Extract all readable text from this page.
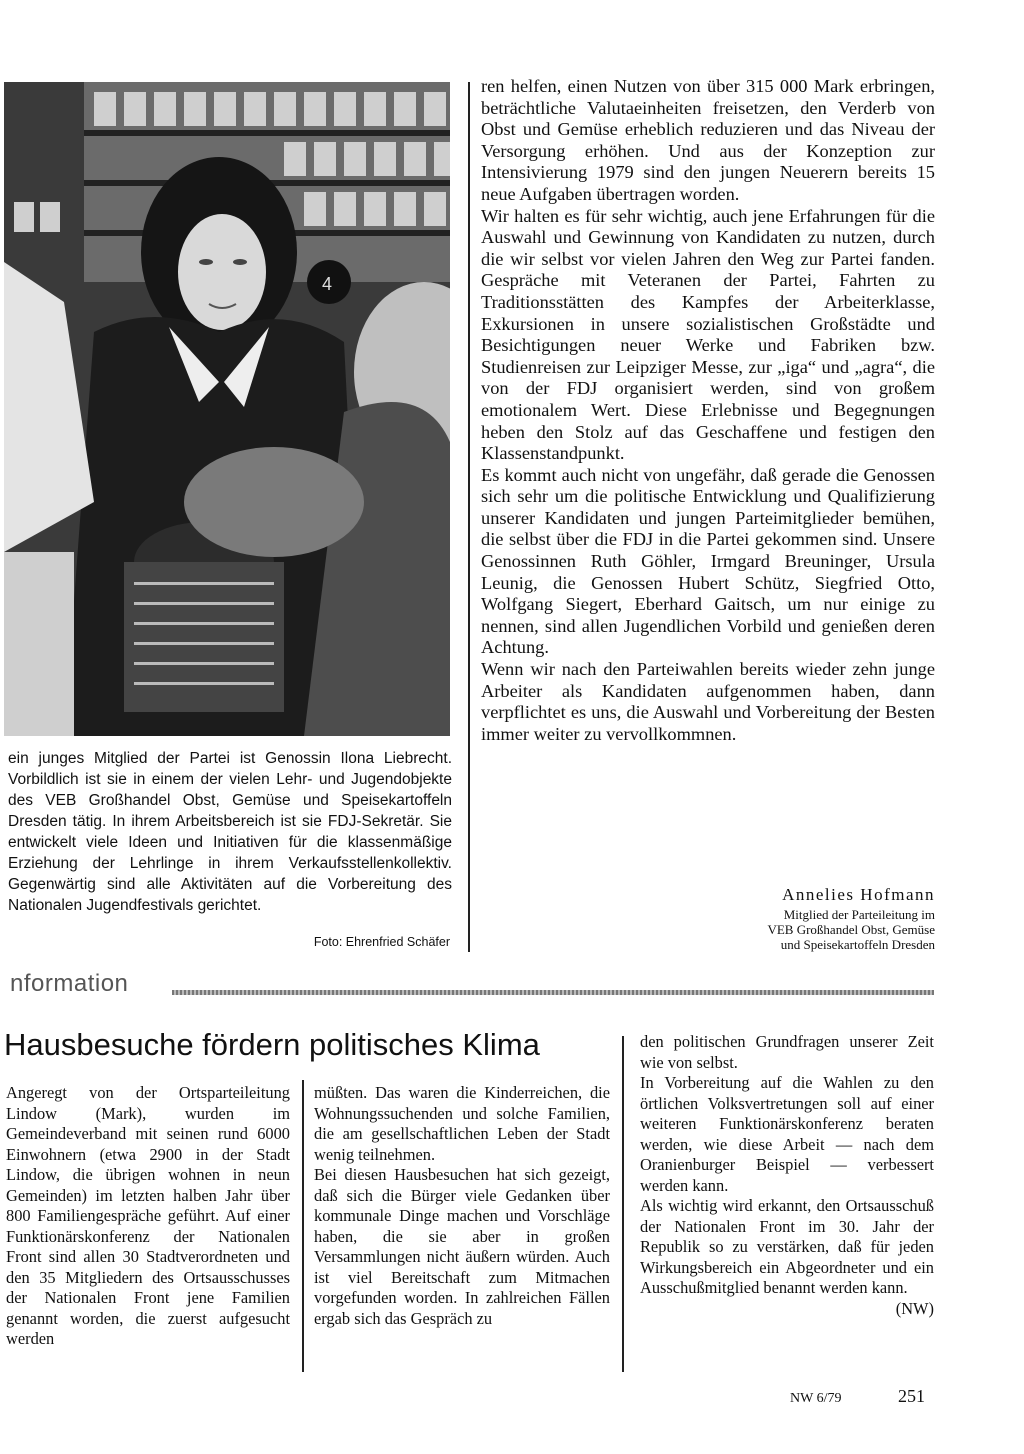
4
ein junges Mitglied der Partei ist Genossin Ilona Liebrecht. Vorbildlich ist sie in einem der vielen Lehr- und Jugendobjekte des VEB Großhandel Obst, Gemüse und Speisekartoffeln Dresden tätig. In ihrem Arbeitsbereich ist sie FDJ-Sekretär. Sie entwickelt viele Ideen und Initiativen für die klassenmäßige Erziehung der Lehrlinge in ihrem Verkaufsstellenkollektiv. Gegenwärtig sind alle Aktivitäten auf die Vorbereitung des Nationalen Jugendfestivals gerichtet.
Foto: Ehrenfried Schäfer

ren helfen, einen Nutzen von über 315 000 Mark erbringen, beträchtliche Valutaeinheiten freisetzen, den Verderb von Obst und Gemüse erheblich reduzieren und das Niveau der Versorgung erhöhen. Und aus der Konzeption zur Intensivierung 1979 sind den jungen Neuerern bereits 15 neue Aufgaben übertragen worden.

Wir halten es für sehr wichtig, auch jene Erfahrungen für die Auswahl und Gewinnung von Kandidaten zu nutzen, durch die wir selbst vor vielen Jahren den Weg zur Partei fanden. Gespräche mit Veteranen der Partei, Fahrten zu Traditionsstätten des Kampfes der Arbeiterklasse, Exkursionen in unsere sozialistischen Großstädte und Besichtigungen neuer Werke und Fabriken bzw. Studienreisen zur Leipziger Messe, zur „iga“ und „agra“, die von der FDJ organisiert werden, sind von großem emotionalem Wert. Diese Erlebnisse und Begegnungen heben den Stolz auf das Geschaffene und festigen den Klassenstandpunkt.

Es kommt auch nicht von ungefähr, daß gerade die Genossen sich sehr um die politische Entwicklung und Qualifizierung unserer Kandidaten und jungen Parteimitglieder bemühen, die selbst über die FDJ in die Partei gekommen sind. Unsere Genossinnen Ruth Göhler, Irmgard Breuninger, Ursula Leunig, die Genossen Hubert Schütz, Siegfried Otto, Wolfgang Siegert, Eberhard Gaitsch, um nur einige zu nennen, sind allen Jugendlichen Vorbild und genießen deren Achtung.

Wenn wir nach den Parteiwahlen bereits wieder zehn junge Arbeiter als Kandidaten aufgenommen haben, dann verpflichtet es uns, die Auswahl und Vorbereitung der Besten immer weiter zu vervollkommnen.

Annelies Hofmann
Mitglied der Parteileitung im
VEB Großhandel Obst, Gemüse
und Speisekartoffeln Dresden
nformation
Hausbesuche fördern politisches Klima

Angeregt von der Ortsparteileitung Lindow (Mark), wurden im Gemeindeverband mit seinen rund 6000 Einwohnern (etwa 2900 in der Stadt Lindow, die übrigen wohnen in neun Gemeinden) im letzten halben Jahr über 800 Familiengespräche geführt. Auf einer Funktionärskonferenz der Nationalen Front sind allen 30 Stadtverordneten und den 35 Mitgliedern des Ortsausschusses der Nationalen Front jene Familien genannt worden, die zuerst aufgesucht werden

müßten. Das waren die Kinderreichen, die Wohnungssuchenden und solche Familien, die am gesellschaftlichen Leben der Stadt wenig teilnehmen.

Bei diesen Hausbesuchen hat sich gezeigt, daß sich die Bürger viele Gedanken über kommunale Dinge machen und Vorschläge haben, die sie aber in großen Versammlungen nicht äußern würden. Auch ist viel Bereitschaft zum Mitmachen vorgefunden worden. In zahlreichen Fällen ergab sich das Gespräch zu

den politischen Grundfragen unserer Zeit wie von selbst.

In Vorbereitung auf die Wahlen zu den örtlichen Volksvertretungen soll auf einer weiteren Funktionärskonferenz beraten werden, wie diese Arbeit — nach dem Oranienburger Beispiel — verbessert werden kann.

Als wichtig wird erkannt, den Ortsausschuß der Nationalen Front im 30. Jahr der Republik so zu verstärken, daß für jeden Wirkungsbereich ein Abgeordneter und ein Ausschußmitglied benannt werden kann.

(NW)

NW 6/79	251
